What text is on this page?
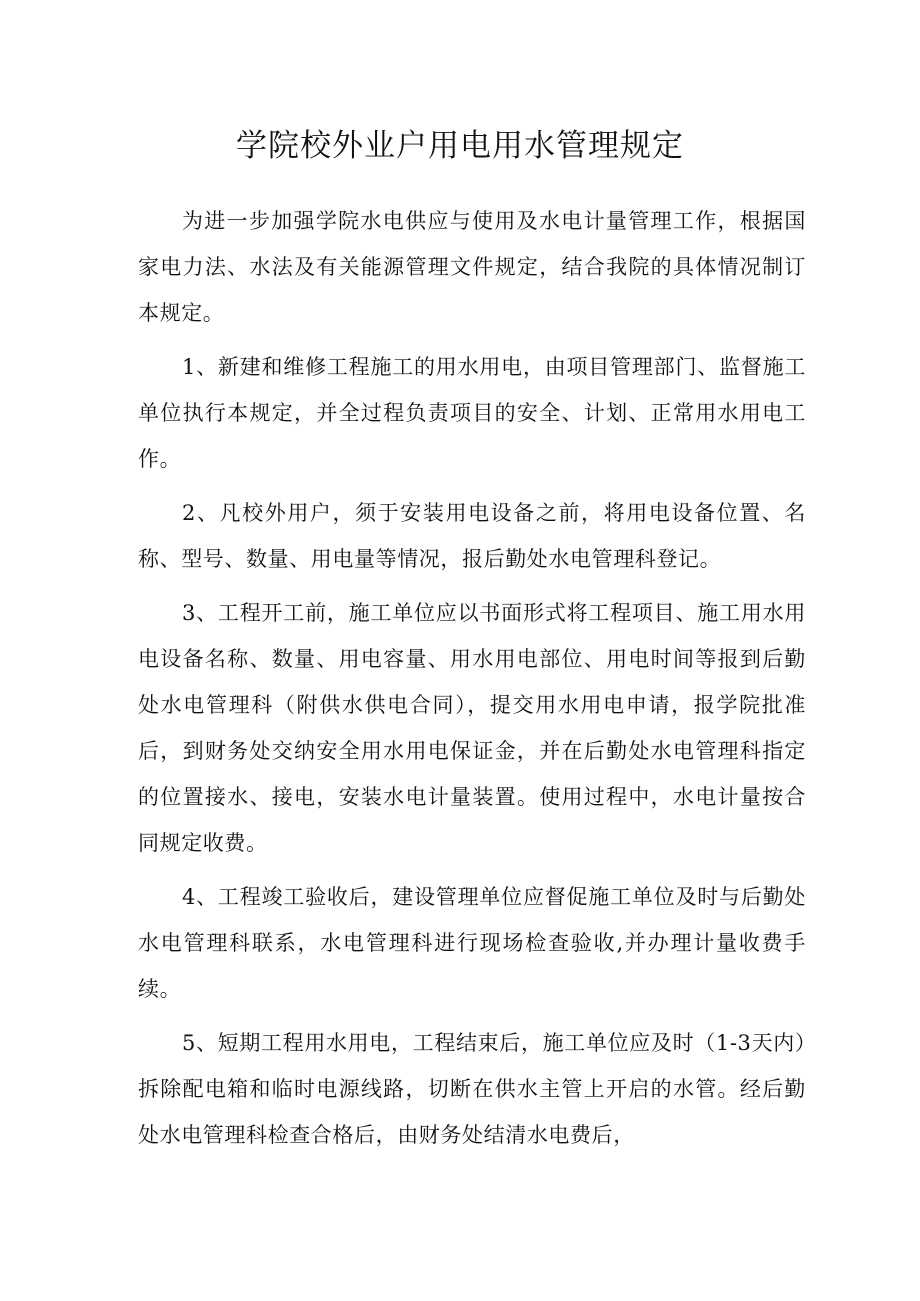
学院校外业户用电用水管理规定

为进一步加强学院水电供应与使用及水电计量管理工作，根据国家电力法、水法及有关能源管理文件规定，结合我院的具体情况制订本规定。

1、新建和维修工程施工的用水用电，由项目管理部门、监督施工单位执行本规定，并全过程负责项目的安全、计划、正常用水用电工作。

2、凡校外用户，须于安装用电设备之前，将用电设备位置、名称、型号、数量、用电量等情况，报后勤处水电管理科登记。

3、工程开工前，施工单位应以书面形式将工程项目、施工用水用电设备名称、数量、用电容量、用水用电部位、用电时间等报到后勤处水电管理科（附供水供电合同），提交用水用电申请，报学院批准后，到财务处交纳安全用水用电保证金，并在后勤处水电管理科指定的位置接水、接电，安装水电计量装置。使用过程中，水电计量按合同规定收费。

4、工程竣工验收后，建设管理单位应督促施工单位及时与后勤处水电管理科联系，水电管理科进行现场检查验收,并办理计量收费手续。

5、短期工程用水用电，工程结束后，施工单位应及时（1-3天内）拆除配电箱和临时电源线路，切断在供水主管上开启的水管。经后勤处水电管理科检查合格后，由财务处结清水电费后，
